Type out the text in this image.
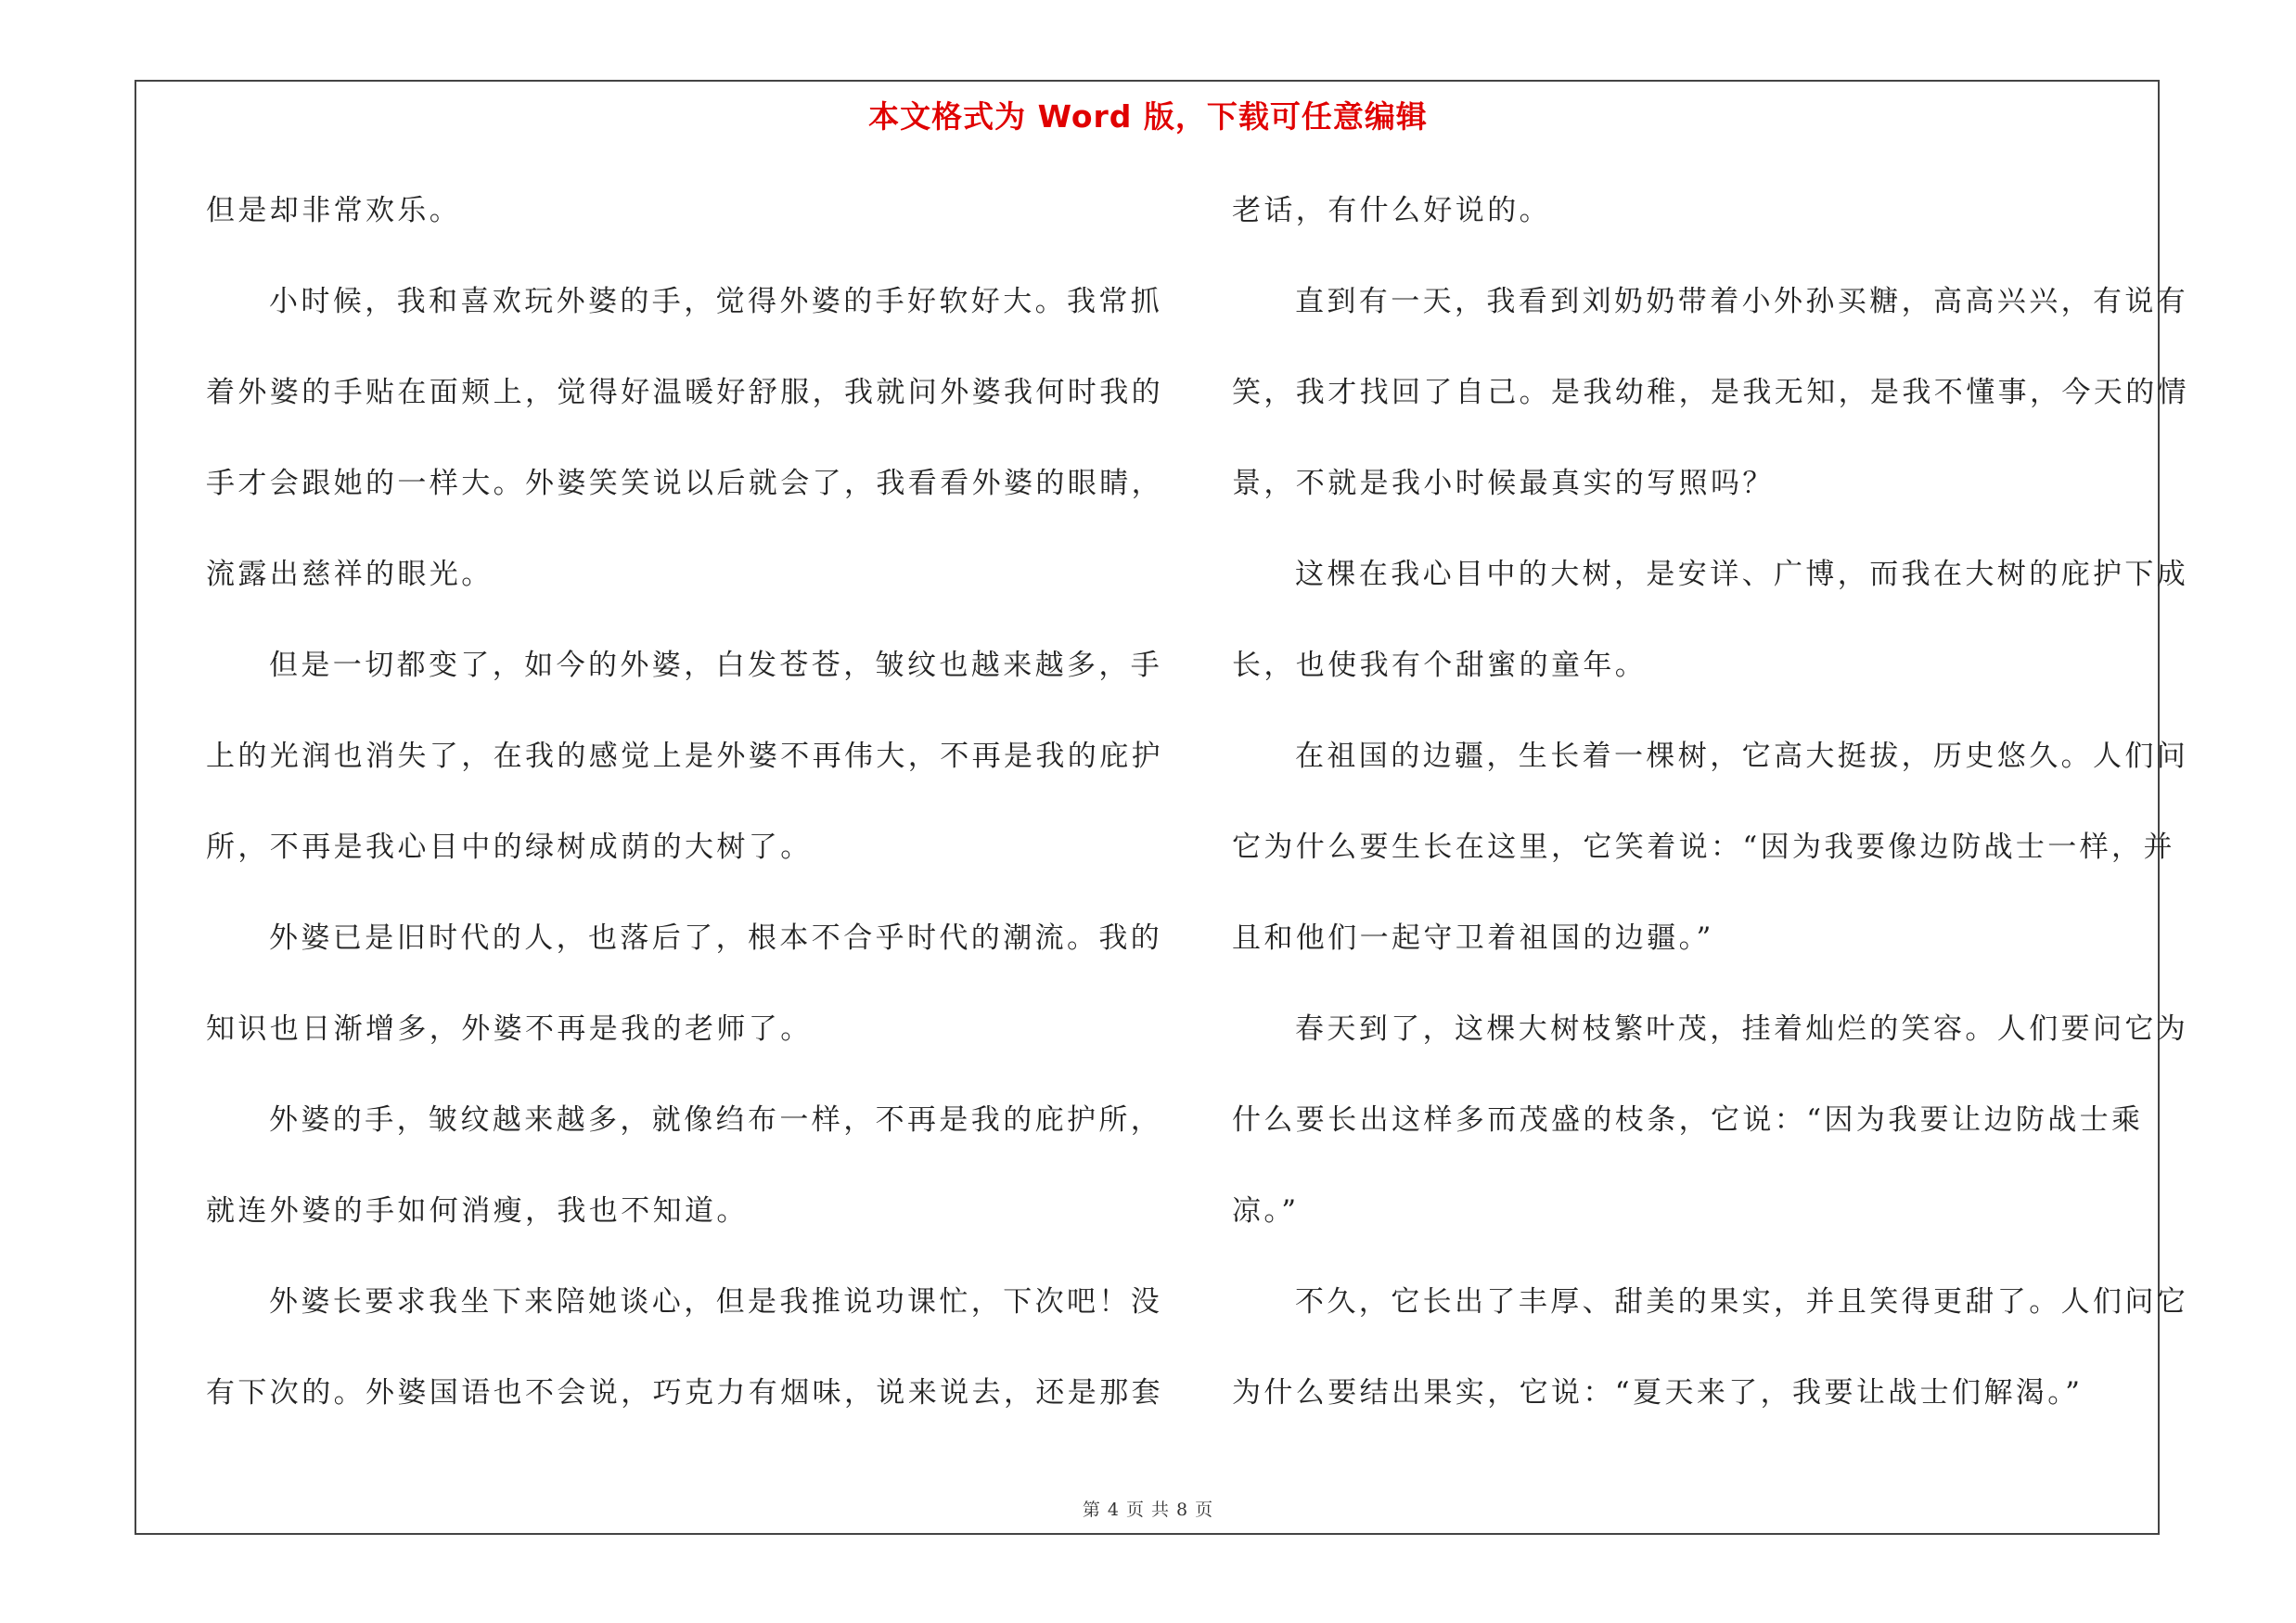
本文格式为 Word 版，下载可任意编辑
但是却非常欢乐。
小时候，我和喜欢玩外婆的手，觉得外婆的手好软好大。我常抓
着外婆的手贴在面颊上，觉得好温暖好舒服，我就问外婆我何时我的
手才会跟她的一样大。外婆笑笑说以后就会了，我看看外婆的眼睛，
流露出慈祥的眼光。
但是一切都变了，如今的外婆，白发苍苍，皱纹也越来越多，手
上的光润也消失了，在我的感觉上是外婆不再伟大，不再是我的庇护
所，不再是我心目中的绿树成荫的大树了。
外婆已是旧时代的人，也落后了，根本不合乎时代的潮流。我的
知识也日渐增多，外婆不再是我的老师了。
外婆的手，皱纹越来越多，就像绉布一样，不再是我的庇护所，
就连外婆的手如何消瘦，我也不知道。
外婆长要求我坐下来陪她谈心，但是我推说功课忙，下次吧！没
有下次的。外婆国语也不会说，巧克力有烟味，说来说去，还是那套
老话，有什么好说的。
直到有一天，我看到刘奶奶带着小外孙买糖，高高兴兴，有说有
笑，我才找回了自己。是我幼稚，是我无知，是我不懂事，今天的情
景，不就是我小时候最真实的写照吗？
这棵在我心目中的大树，是安详、广博，而我在大树的庇护下成
长，也使我有个甜蜜的童年。
在祖国的边疆，生长着一棵树，它高大挺拔，历史悠久。人们问
它为什么要生长在这里，它笑着说：“因为我要像边防战士一样，并
且和他们一起守卫着祖国的边疆。”
春天到了，这棵大树枝繁叶茂，挂着灿烂的笑容。人们要问它为
什么要长出这样多而茂盛的枝条，它说：“因为我要让边防战士乘
凉。”
不久，它长出了丰厚、甜美的果实，并且笑得更甜了。人们问它
为什么要结出果实，它说：“夏天来了，我要让战士们解渴。”
第 4 页 共 8 页
